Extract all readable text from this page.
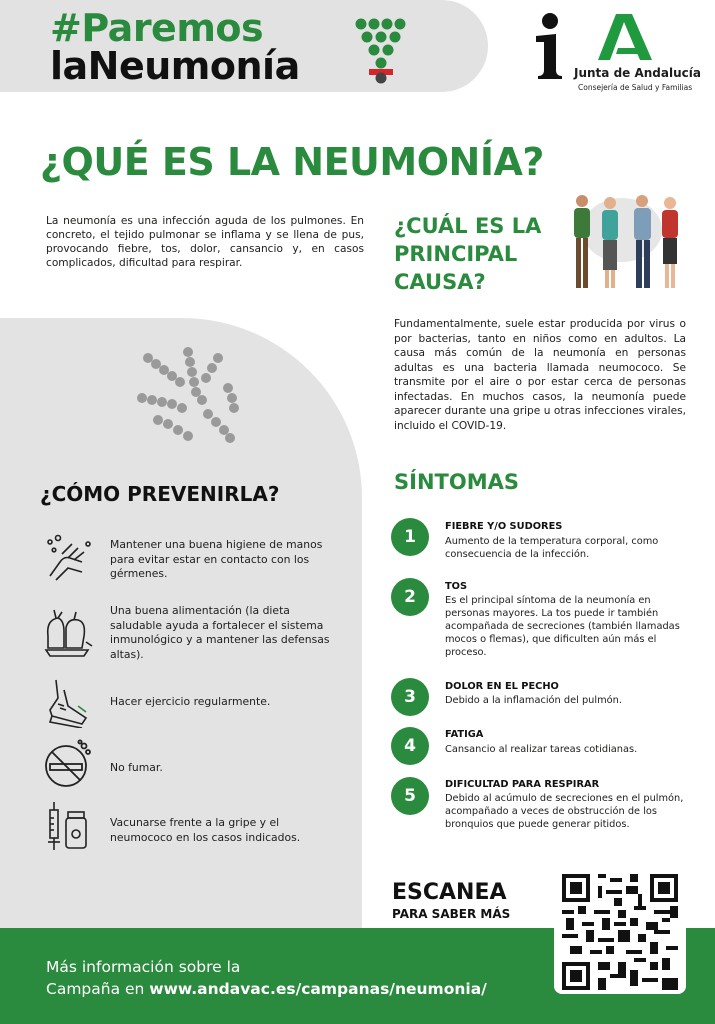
#Paremos
laNeumonía	Junta de Andalucía
Consejería de Salud y Familias
¿QUÉ ES LA NEUMONÍA?
La neumonía es una infección aguda de los pulmones. En concreto, el tejido pulmonar se inflama y se llena de pus, provocando fiebre, tos, dolor, cansancio y, en casos complicados, dificultad para respirar.
¿CUÁL ES LA PRINCIPAL CAUSA?
Fundamentalmente, suele estar producida por virus o por bacterias, tanto en niños como en adultos. La causa más común de la neumonía en personas adultas es una bacteria llamada neumococo. Se transmite por el aire o por estar cerca de personas infectadas. En muchos casos, la neumonía puede aparecer durante una gripe u otras infecciones virales, incluido el COVID-19.
¿CÓMO PREVENIRLA?
Mantener una buena higiene de manos para evitar estar en contacto con los gérmenes.
Una buena alimentación (la dieta saludable ayuda a fortalecer el sistema inmunológico y a mantener las defensas altas).
Hacer ejercicio regularmente.
No fumar.
Vacunarse frente a la gripe y el neumococo en los casos indicados.
SÍNTOMAS
1
FIEBRE Y/O SUDORES
Aumento de la temperatura corporal, como consecuencia de la infección.
2
TOS
Es el principal síntoma de la neumonía en personas mayores. La tos puede ir también acompañada de secreciones (también llamadas mocos o flemas), que dificulten aún más el proceso.
3
DOLOR EN EL PECHO
Debido a la inflamación del pulmón.
4
FATIGA
Cansancio al realizar tareas cotidianas.
5
DIFICULTAD PARA RESPIRAR
Debido al acúmulo de secreciones en el pulmón, acompañado a veces de obstrucción de los bronquios que puede generar pitidos.
ESCANEA
PARA SABER MÁS
Más información sobre la
Campaña en www.andavac.es/campanas/neumonia/
